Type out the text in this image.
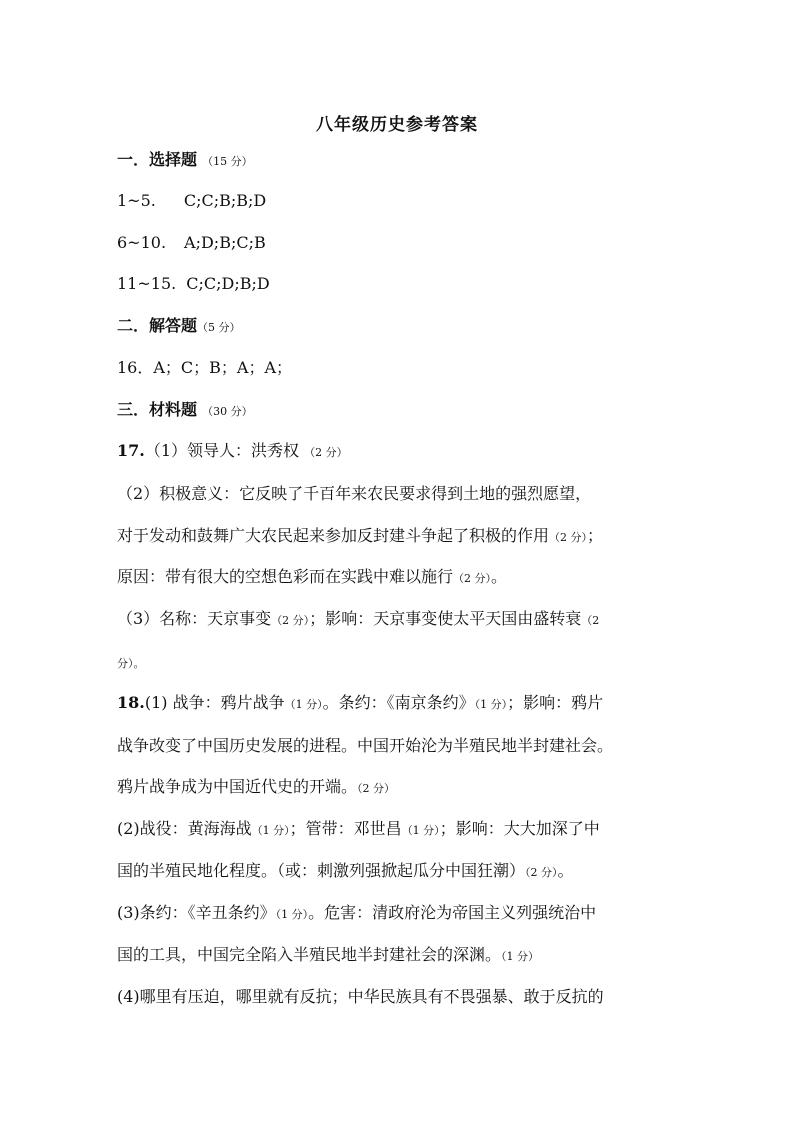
八年级历史参考答案
一．选择题 （15 分）
1~5. C;C;B;B;D
6~10. A;D;B;C;B
11~15. C;C;D;B;D
二．解答题（5 分）
16．A；C；B；A；A；
三．材料题 （30 分）
17.（1）领导人：洪秀权 （2 分）
（2）积极意义：它反映了千百年来农民要求得到土地的强烈愿望，
对于发动和鼓舞广大农民起来参加反封建斗争起了积极的作用（2 分）；
原因：带有很大的空想色彩而在实践中难以施行（2 分）。
（3）名称：天京事变（2 分）；影响：天京事变使太平天国由盛转衰（2
分）。
18.(1) 战争：鸦片战争（1 分）。条约：《南京条约》（1 分）；影响：鸦片
战争改变了中国历史发展的进程。中国开始沦为半殖民地半封建社会。
鸦片战争成为中国近代史的开端。（2 分）
(2)战役：黄海海战（1 分）；管带：邓世昌（1 分）；影响：大大加深了中
国的半殖民地化程度。（或：刺激列强掀起瓜分中国狂潮）（2 分）。
(3)条约：《辛丑条约》（1 分）。危害：清政府沦为帝国主义列强统治中
国的工具，中国完全陷入半殖民地半封建社会的深渊。（1 分）
(4)哪里有压迫，哪里就有反抗；中华民族具有不畏强暴、敢于反抗的
